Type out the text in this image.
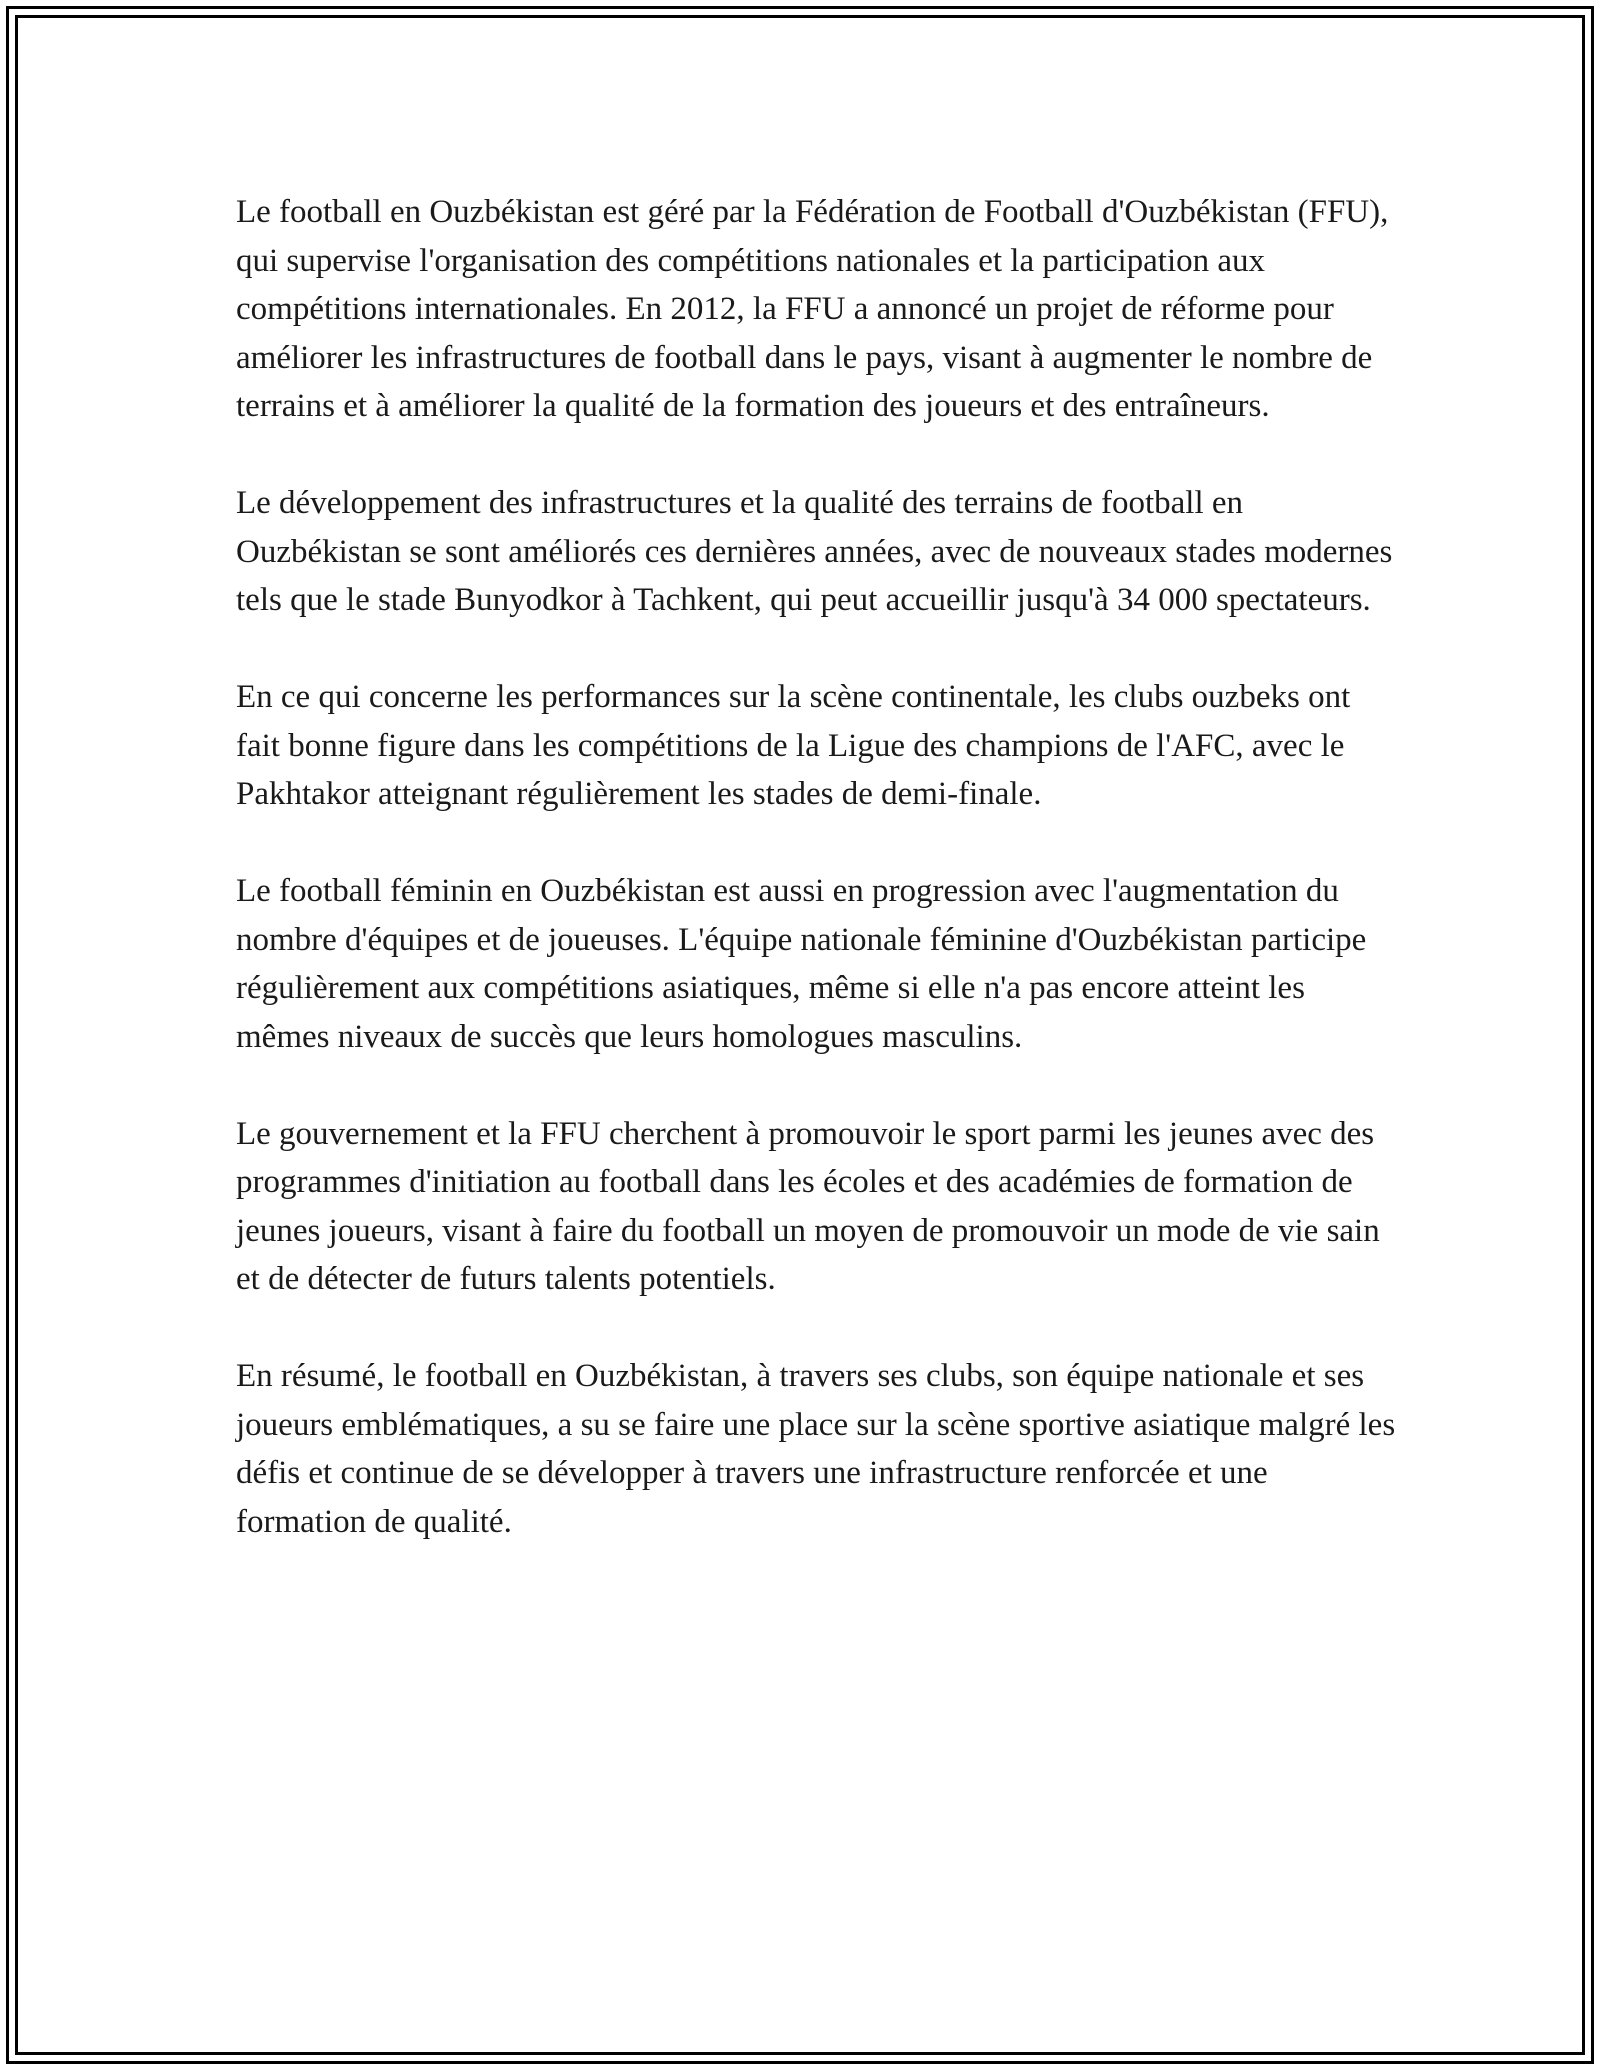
Le football en Ouzbékistan est géré par la Fédération de Football d'Ouzbékistan (FFU), qui supervise l'organisation des compétitions nationales et la participation aux compétitions internationales. En 2012, la FFU a annoncé un projet de réforme pour améliorer les infrastructures de football dans le pays, visant à augmenter le nombre de terrains et à améliorer la qualité de la formation des joueurs et des entraîneurs.

Le développement des infrastructures et la qualité des terrains de football en Ouzbékistan se sont améliorés ces dernières années, avec de nouveaux stades modernes tels que le stade Bunyodkor à Tachkent, qui peut accueillir jusqu'à 34 000 spectateurs.

En ce qui concerne les performances sur la scène continentale, les clubs ouzbeks ont fait bonne figure dans les compétitions de la Ligue des champions de l'AFC, avec le Pakhtakor atteignant régulièrement les stades de demi-finale.

Le football féminin en Ouzbékistan est aussi en progression avec l'augmentation du nombre d'équipes et de joueuses. L'équipe nationale féminine d'Ouzbékistan participe régulièrement aux compétitions asiatiques, même si elle n'a pas encore atteint les mêmes niveaux de succès que leurs homologues masculins.

Le gouvernement et la FFU cherchent à promouvoir le sport parmi les jeunes avec des programmes d'initiation au football dans les écoles et des académies de formation de jeunes joueurs, visant à faire du football un moyen de promouvoir un mode de vie sain et de détecter de futurs talents potentiels.

En résumé, le football en Ouzbékistan, à travers ses clubs, son équipe nationale et ses joueurs emblématiques, a su se faire une place sur la scène sportive asiatique malgré les défis et continue de se développer à travers une infrastructure renforcée et une formation de qualité.
